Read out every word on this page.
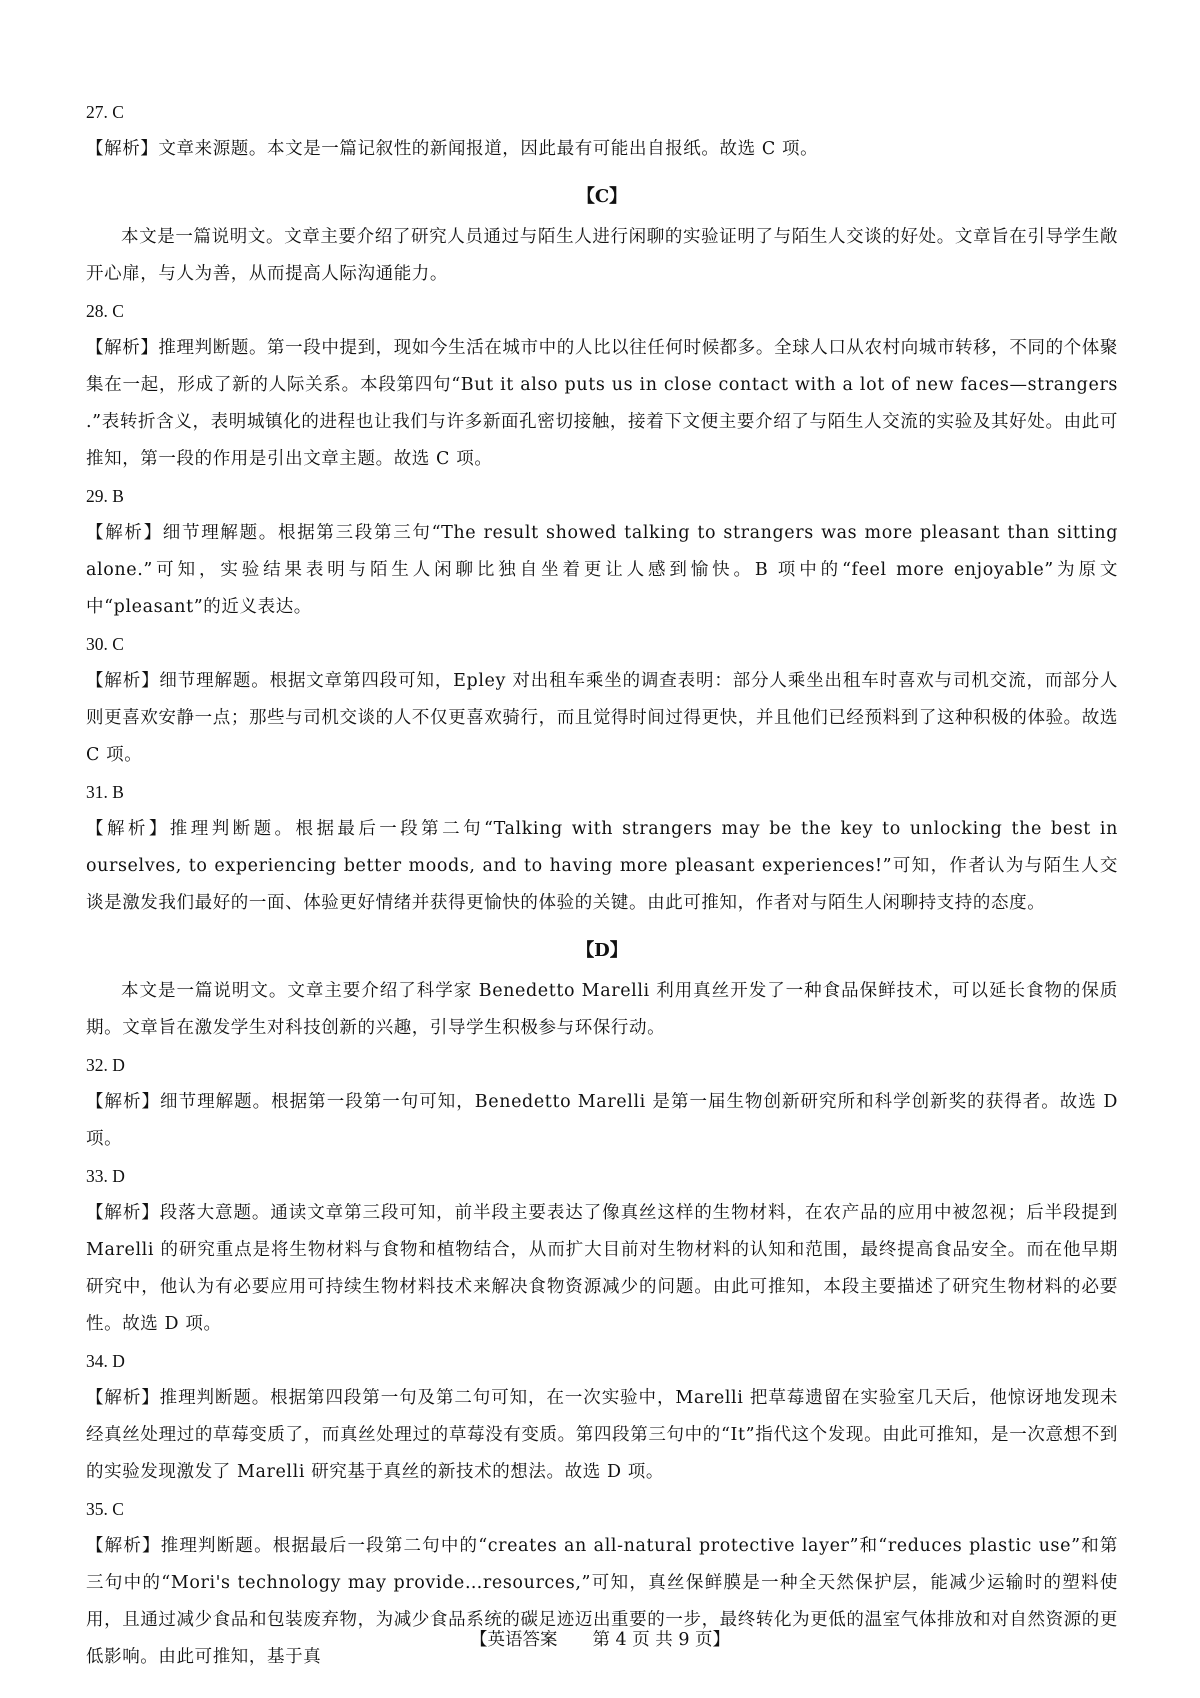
27. C

【解析】文章来源题。本文是一篇记叙性的新闻报道，因此最有可能出自报纸。故选 C 项。

【C】

本文是一篇说明文。文章主要介绍了研究人员通过与陌生人进行闲聊的实验证明了与陌生人交谈的好处。文章旨在引导学生敞开心扉，与人为善，从而提高人际沟通能力。

28. C

【解析】推理判断题。第一段中提到，现如今生活在城市中的人比以往任何时候都多。全球人口从农村向城市转移，不同的个体聚集在一起，形成了新的人际关系。本段第四句“But it also puts us in close contact with a lot of new faces—strangers .”表转折含义，表明城镇化的进程也让我们与许多新面孔密切接触，接着下文便主要介绍了与陌生人交流的实验及其好处。由此可推知，第一段的作用是引出文章主题。故选 C 项。

29. B

【解析】细节理解题。根据第三段第三句“The result showed talking to strangers was more pleasant than sitting alone.”可知，实验结果表明与陌生人闲聊比独自坐着更让人感到愉快。B 项中的“feel more enjoyable”为原文中“pleasant”的近义表达。

30. C

【解析】细节理解题。根据文章第四段可知，Epley 对出租车乘坐的调查表明：部分人乘坐出租车时喜欢与司机交流，而部分人则更喜欢安静一点；那些与司机交谈的人不仅更喜欢骑行，而且觉得时间过得更快，并且他们已经预料到了这种积极的体验。故选 C 项。

31. B

【解析】推理判断题。根据最后一段第二句“Talking with strangers may be the key to unlocking the best in ourselves, to experiencing better moods, and to having more pleasant experiences!”可知，作者认为与陌生人交谈是激发我们最好的一面、体验更好情绪并获得更愉快的体验的关键。由此可推知，作者对与陌生人闲聊持支持的态度。

【D】

本文是一篇说明文。文章主要介绍了科学家 Benedetto Marelli 利用真丝开发了一种食品保鲜技术，可以延长食物的保质期。文章旨在激发学生对科技创新的兴趣，引导学生积极参与环保行动。

32. D

【解析】细节理解题。根据第一段第一句可知，Benedetto Marelli 是第一届生物创新研究所和科学创新奖的获得者。故选 D 项。

33. D

【解析】段落大意题。通读文章第三段可知，前半段主要表达了像真丝这样的生物材料，在农产品的应用中被忽视；后半段提到 Marelli 的研究重点是将生物材料与食物和植物结合，从而扩大目前对生物材料的认知和范围，最终提高食品安全。而在他早期研究中，他认为有必要应用可持续生物材料技术来解决食物资源减少的问题。由此可推知，本段主要描述了研究生物材料的必要性。故选 D 项。

34. D

【解析】推理判断题。根据第四段第一句及第二句可知，在一次实验中，Marelli 把草莓遗留在实验室几天后，他惊讶地发现未经真丝处理过的草莓变质了，而真丝处理过的草莓没有变质。第四段第三句中的“It”指代这个发现。由此可推知，是一次意想不到的实验发现激发了 Marelli 研究基于真丝的新技术的想法。故选 D 项。

35. C

【解析】推理判断题。根据最后一段第二句中的“creates an all-natural protective layer”和“reduces plastic use”和第三句中的“Mori's technology may provide…resources,”可知，真丝保鲜膜是一种全天然保护层，能减少运输时的塑料使用，且通过减少食品和包装废弃物，为减少食品系统的碳足迹迈出重要的一步，最终转化为更低的温室气体排放和对自然资源的更低影响。由此可推知，基于真

【英语答案　　第 4 页 共 9 页】
